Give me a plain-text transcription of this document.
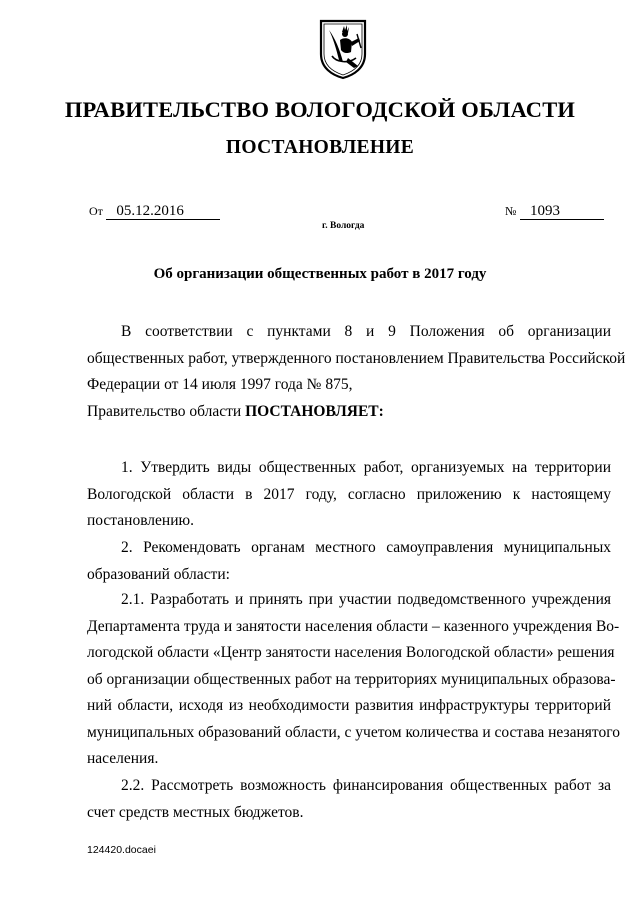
ПРАВИТЕЛЬСТВО ВОЛОГОДСКОЙ ОБЛАСТИ
ПОСТАНОВЛЕНИЕ
От 05.12.2016	№ 1093
г. Вологда
Об организации общественных работ в 2017 году
В соответствии с пунктами 8 и 9 Положения об организации
общественных работ, утвержденного постановлением Правительства Российской
Федерации от 14 июля 1997 года № 875,
Правительство области ПОСТАНОВЛЯЕТ:
1. Утвердить виды общественных работ, организуемых на территории
Вологодской области в 2017 году, согласно приложению к настоящему
постановлению.
2. Рекомендовать органам местного самоуправления муниципальных
образований области:
2.1. Разработать и принять при участии подведомственного учреждения
Департамента труда и занятости населения области – казенного учреждения Во-
логодской области «Центр занятости населения Вологодской области» решения
об организации общественных работ на территориях муниципальных образова-
ний области, исходя из необходимости развития инфраструктуры территорий
муниципальных образований области, с учетом количества и состава незанятого
населения.
2.2. Рассмотреть возможность финансирования общественных работ за
счет средств местных бюджетов.
124420.docaei
